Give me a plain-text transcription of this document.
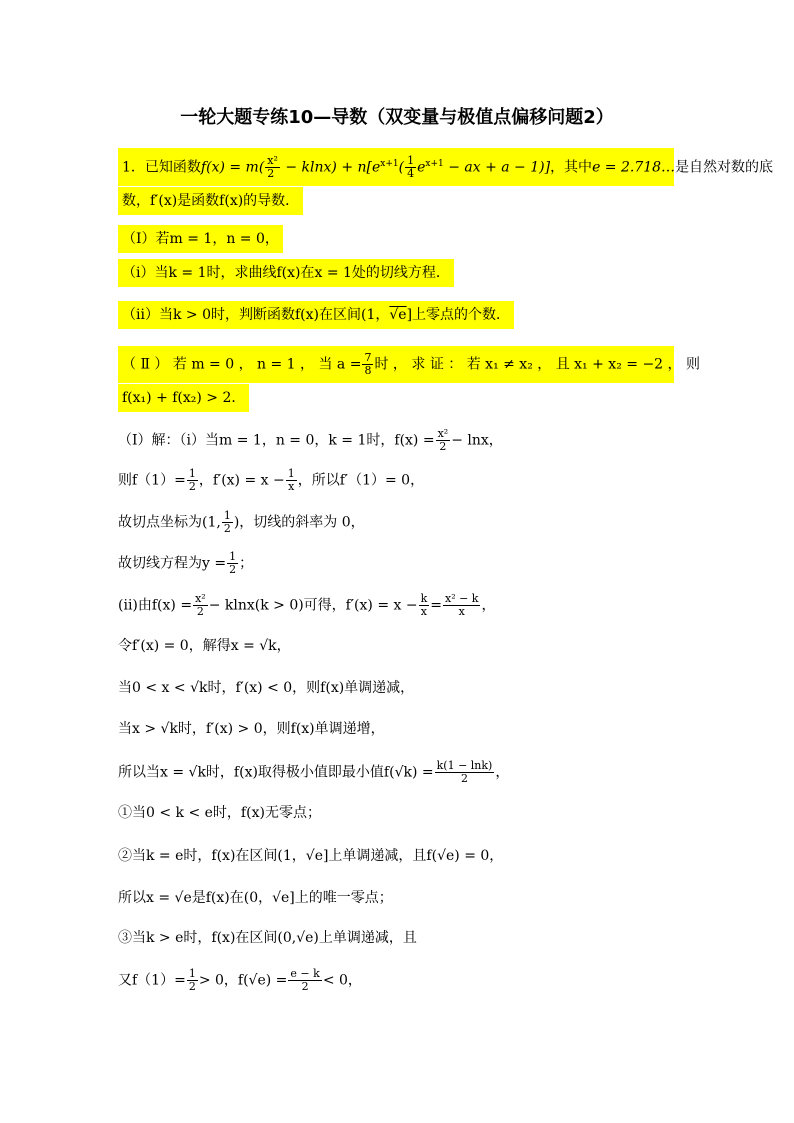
一轮大题专练10—导数（双变量与极值点偏移问题2）
1．已知函数$f(x) = m( \frac{\text{x²}}{2} - klnx) + n[e^{x+1}( \frac{1}{4} e^{x+1}$ − ax + a − 1)]，其中e = 2.718…是自然对数的底
数，f′(x)是函数f(x)的导数．
（Ⅰ）若m = 1，n = 0，
（ⅰ）当k = 1时，求曲线f(x)在x = 1处的切线方程．
（ⅱ）当k > 0时，判断函数f(x)在区间(1，√e]上零点的个数．
（ Ⅱ ） 若 m = 0 ， n = 1 ， 当 $a = \frac{7}{8}$ 时 ， 求 证 ： 若 x₁ ≠ x₂ ， 且 x₁ + x₂ = −2 ， 则
f(x₁) + f(x₂) > 2．
（Ⅰ）解：（ⅰ）当m = 1，n = 0，k = 1时，$f(x) = \frac{\text{x²}}{2} - \ln x$，
则$f(1)= \frac{1}{2}$ ，$f'(x) = x - \frac{1}{x}$ ，所以f′（1）= 0，
故切点坐标为(1, $\frac{1}{2}$ )，切线的斜率为 0，
故切线方程为$y = \frac{1}{2}$ ；
(ii)由$f(x) = \frac{\text{x²}}{2} - klnx(k > 0)$可得，$f'(x) = x - \frac{k}{x} = \frac{\text{x² − k}}{x}$ ，
令f′(x) = 0，解得x = √k，
当0 < x < √k时，f′(x) < 0，则f(x)单调递减，
当x > √k时，f′(x) > 0，则f(x)单调递增，
所以当x = √k时，f(x)取得极小值即最小值$f(√k) = \frac{k(1 - \ln k)}{2}$ ，
①当0 < k < e时，f(x)无零点；
②当k = e时，f(x)在区间(1，√e]上单调递减，且f(√e) = 0，
所以x = √e是f(x)在(0，√e]上的唯一零点；
③当k > e时，f(x)在区间(0,√e)上单调递减，且
又$f(1)= \frac{1}{2} > 0$，$f(√e) = \frac{e - k}{2} < 0$，
